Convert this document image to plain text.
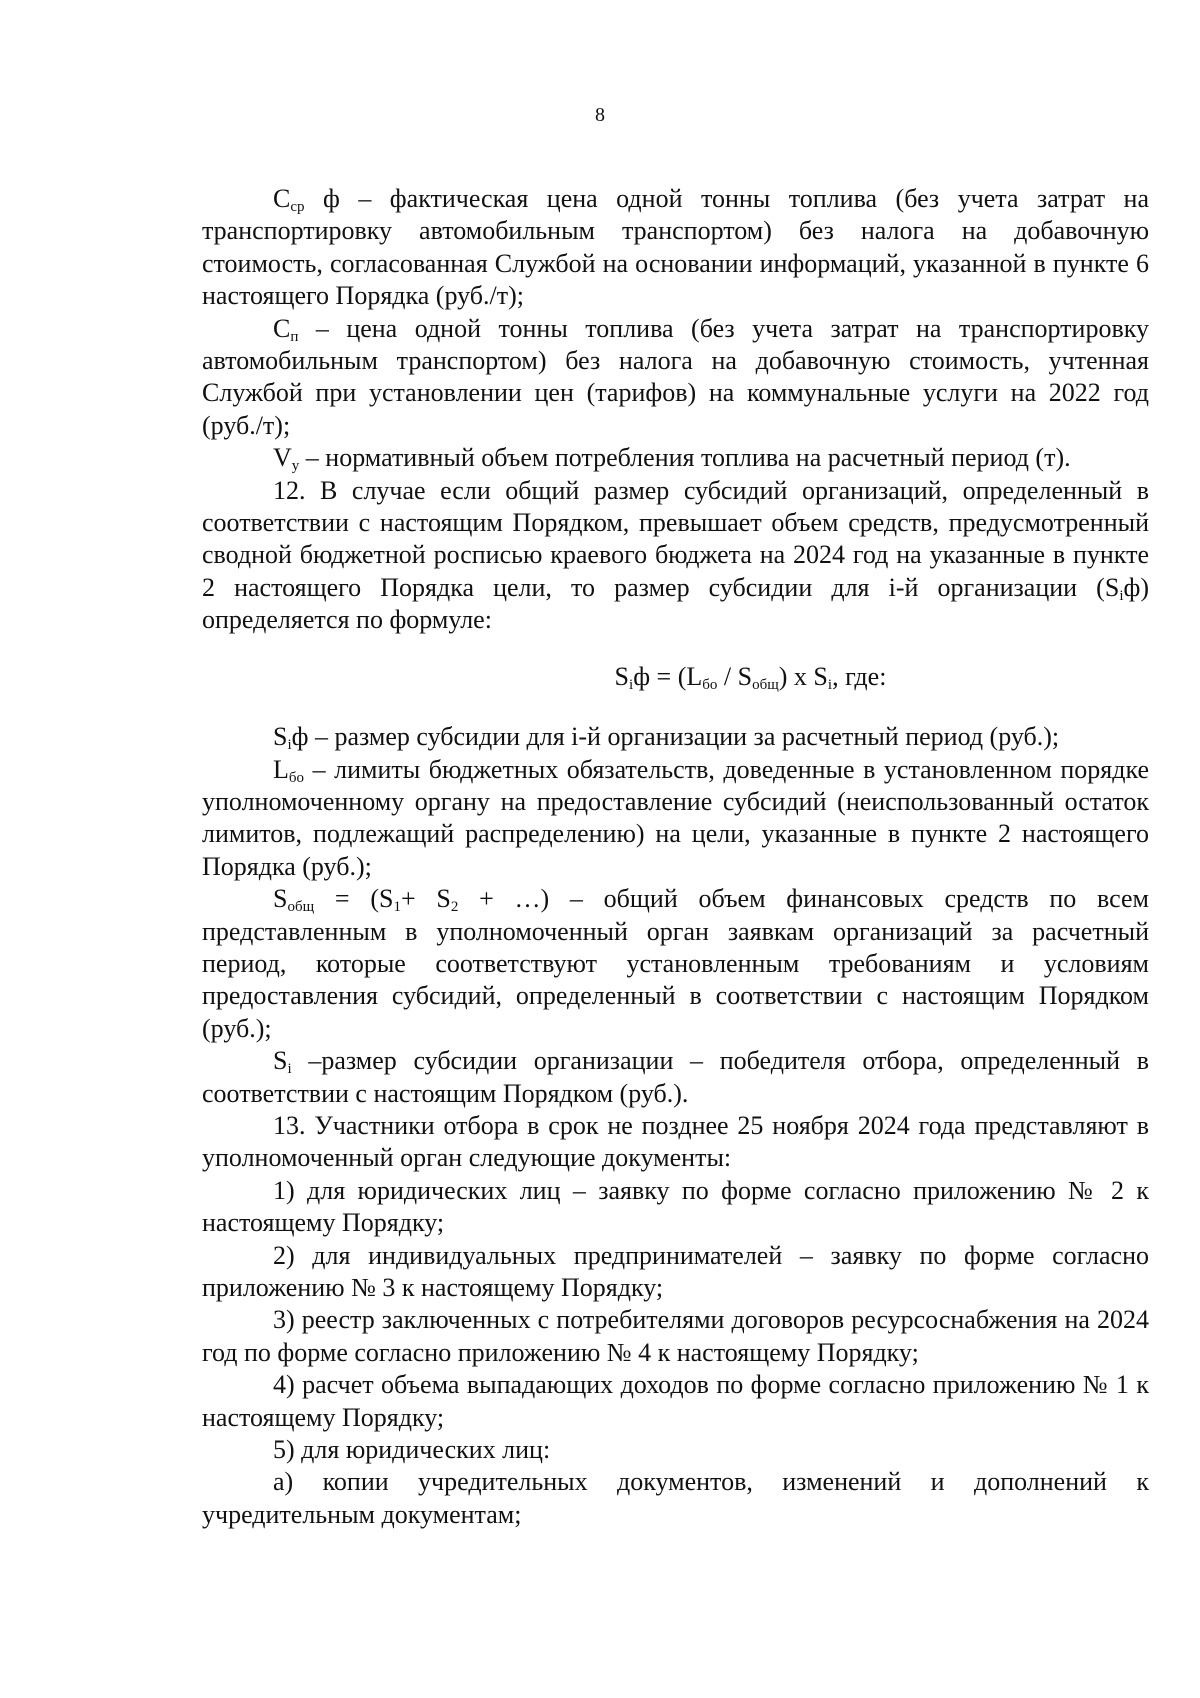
8

$C_{ср}$ ф – фактическая цена одной тонны топлива (без учета затрат на транспортировку автомобильным транспортом) без налога на добавочную стоимость, согласованная Службой на основании информаций, указанной в пункте 6 настоящего Порядка (руб./т);

$C_п$ – цена одной тонны топлива (без учета затрат на транспортировку автомобильным транспортом) без налога на добавочную стоимость, учтенная Службой при установлении цен (тарифов) на коммунальные услуги на 2022 год (руб./т);

$V_у$ – нормативный объем потребления топлива на расчетный период (т).

12. В случае если общий размер субсидий организаций, определенный в соответствии с настоящим Порядком, превышает объем средств, предусмотренный сводной бюджетной росписью краевого бюджета на 2024 год на указанные в пункте 2 настоящего Порядка цели, то размер субсидии для i-й организации $(S_iф)$ определяется по формуле:

$S_iф = (L_{бо} / S_{общ})$ x $S_i$, где:

$S_iф$ – размер субсидии для i-й организации за расчетный период (руб.);

$L_{бо}$ – лимиты бюджетных обязательств, доведенные в установленном порядке уполномоченному органу на предоставление субсидий (неиспользованный остаток лимитов, подлежащий распределению) на цели, указанные в пункте 2 настоящего Порядка (руб.);

$S_{общ} = (S_1+ S_2$ + …) – общий объем финансовых средств по всем представленным в уполномоченный орган заявкам организаций за расчетный период, которые соответствуют установленным требованиям и условиям предоставления субсидий, определенный в соответствии с настоящим Порядком (руб.);

$S_i$ –размер субсидии организации – победителя отбора, определенный в соответствии с настоящим Порядком (руб.).

13. Участники отбора в срок не позднее 25 ноября 2024 года представляют в уполномоченный орган следующие документы:

1) для юридических лиц – заявку по форме согласно приложению № 2 к настоящему Порядку;

2) для индивидуальных предпринимателей – заявку по форме согласно приложению № 3 к настоящему Порядку;

3) реестр заключенных с потребителями договоров ресурсоснабжения на 2024 год по форме согласно приложению № 4 к настоящему Порядку;

4) расчет объема выпадающих доходов по форме согласно приложению № 1 к настоящему Порядку;

5) для юридических лиц:

а) копии учредительных документов, изменений и дополнений к учредительным документам;
